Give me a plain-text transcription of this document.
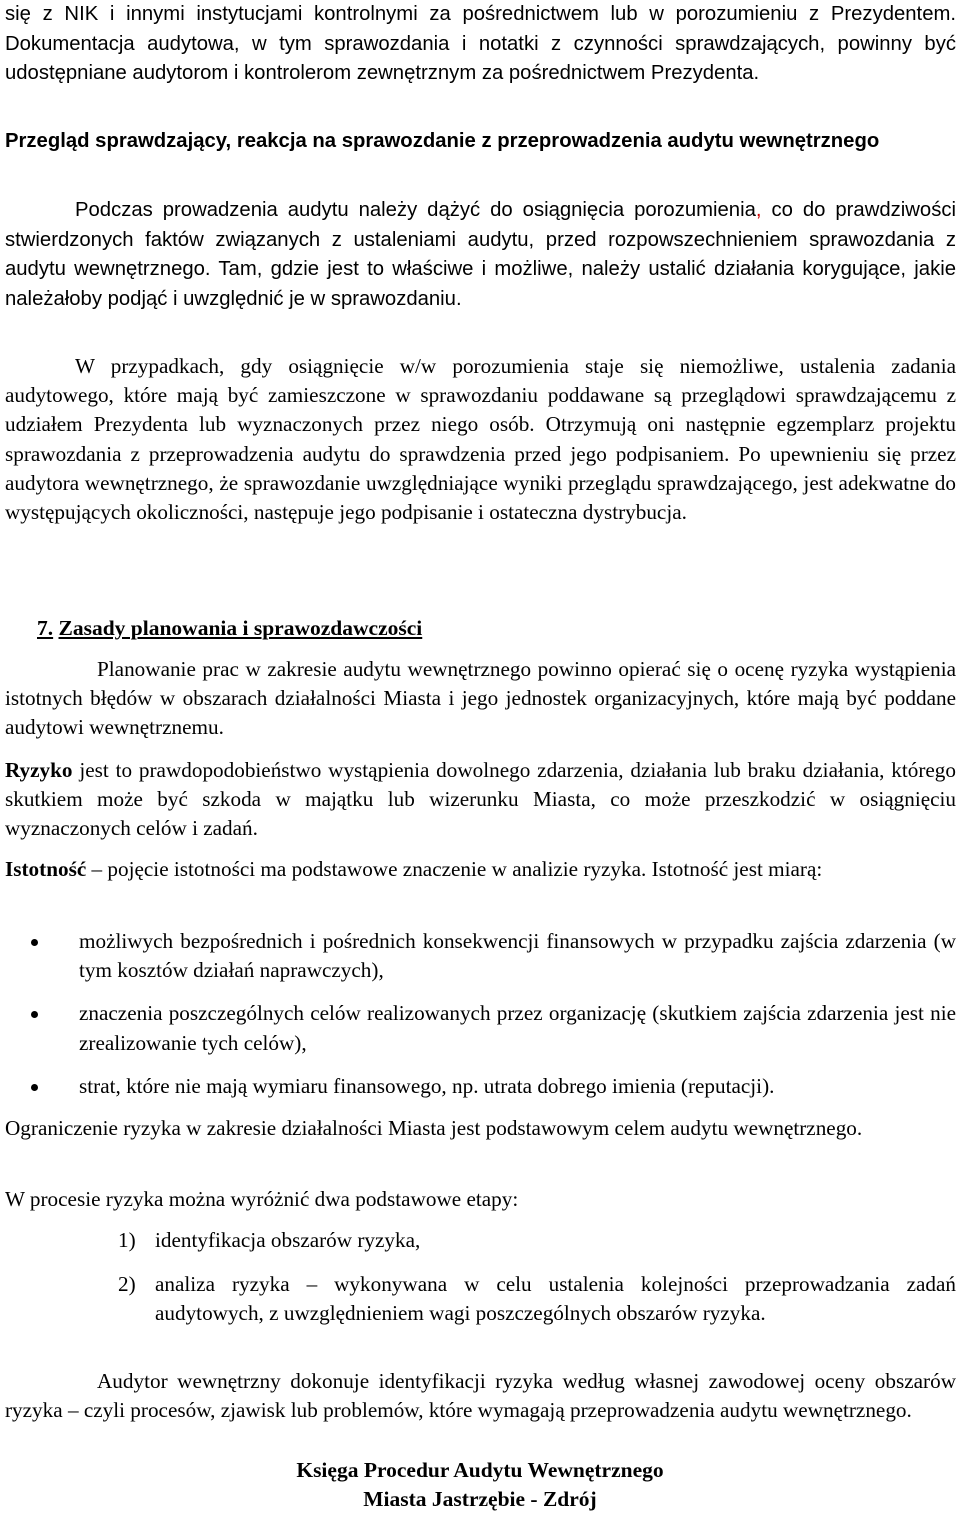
się z NIK i innymi instytucjami kontrolnymi za pośrednictwem lub w porozumieniu z Prezydentem. Dokumentacja audytowa, w tym sprawozdania i notatki z czynności sprawdzających, powinny być udostępniane audytorom i kontrolerom zewnętrznym za pośrednictwem Prezydenta.

Przegląd sprawdzający, reakcja na sprawozdanie z przeprowadzenia audytu wewnętrznego

Podczas prowadzenia audytu należy dążyć do osiągnięcia porozumienia, co do prawdziwości stwierdzonych faktów związanych z ustaleniami audytu, przed rozpowszechnieniem sprawozdania z audytu wewnętrznego. Tam, gdzie jest to właściwe i możliwe, należy ustalić działania korygujące, jakie należałoby podjąć i uwzględnić je w sprawozdaniu.

W przypadkach, gdy osiągnięcie w/w porozumienia staje się niemożliwe, ustalenia zadania audytowego, które mają być zamieszczone w sprawozdaniu poddawane są przeglądowi sprawdzającemu z udziałem Prezydenta lub wyznaczonych przez niego osób. Otrzymują oni następnie egzemplarz projektu sprawozdania z przeprowadzenia audytu do sprawdzenia przed jego podpisaniem. Po upewnieniu się przez audytora wewnętrznego, że sprawozdanie uwzględniające wyniki przeglądu sprawdzającego, jest adekwatne do występujących okoliczności, następuje jego podpisanie i ostateczna dystrybucja.

7. Zasady planowania i sprawozdawczości

Planowanie prac w zakresie audytu wewnętrznego powinno opierać się o ocenę ryzyka wystąpienia istotnych błędów w obszarach działalności Miasta i jego jednostek organizacyjnych, które mają być poddane audytowi wewnętrznemu.

Ryzyko jest to prawdopodobieństwo wystąpienia dowolnego zdarzenia, działania lub braku działania, którego skutkiem może być szkoda w majątku lub wizerunku Miasta, co może przeszkodzić w osiągnięciu wyznaczonych celów i zadań.

Istotność – pojęcie istotności ma podstawowe znaczenie w analizie ryzyka. Istotność jest miarą:

możliwych bezpośrednich i pośrednich konsekwencji finansowych w przypadku zajścia zdarzenia (w tym kosztów działań naprawczych),
znaczenia poszczególnych celów realizowanych przez organizację (skutkiem zajścia zdarzenia jest nie zrealizowanie tych celów),
strat, które nie mają wymiaru finansowego, np. utrata dobrego imienia (reputacji).

Ograniczenie ryzyka w zakresie działalności Miasta jest podstawowym celem audytu wewnętrznego.

W procesie ryzyka można wyróżnić dwa podstawowe etapy:

1) identyfikacja obszarów ryzyka,
2) analiza ryzyka – wykonywana w celu ustalenia kolejności przeprowadzania zadań audytowych, z uwzględnieniem wagi poszczególnych obszarów ryzyka.

Audytor wewnętrzny dokonuje identyfikacji ryzyka według własnej zawodowej oceny obszarów ryzyka – czyli procesów, zjawisk lub problemów, które wymagają przeprowadzenia audytu wewnętrznego.

Księga Procedur Audytu Wewnętrznego
Miasta Jastrzębie - Zdrój
